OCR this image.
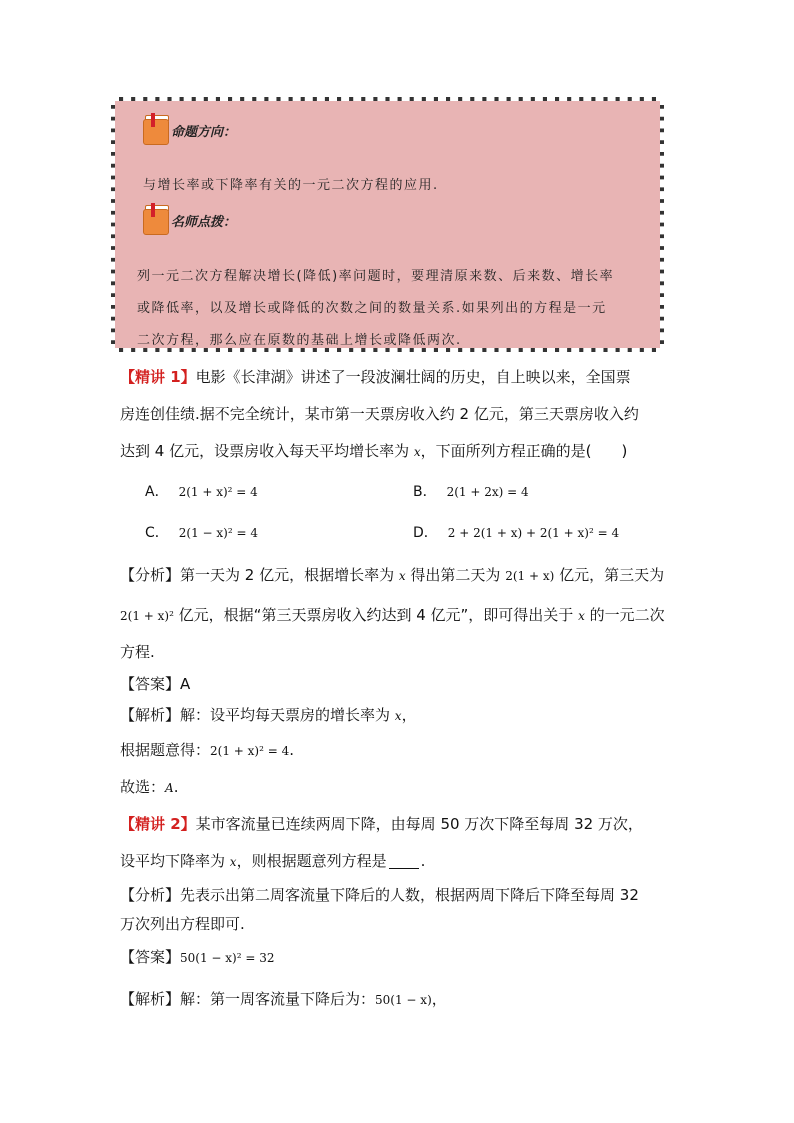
命题方向：
与增长率或下降率有关的一元二次方程的应用.
名师点拨：
列一元二次方程解决增长(降低)率问题时，要理清原来数、后来数、增长率
或降低率，以及增长或降低的次数之间的数量关系.如果列出的方程是一元
二次方程，那么应在原数的基础上增长或降低两次.
【精讲 1】电影《长津湖》讲述了一段波澜壮阔的历史，自上映以来，全国票
房连创佳绩.据不完全统计，某市第一天票房收入约 2 亿元，第三天票房收入约
达到 4 亿元，设票房收入每天平均增长率为 x，下面所列方程正确的是(　　)
A． 2(1 + x)² = 4	B． 2(1 + 2x) = 4
C． 2(1 − x)² = 4	D． 2 + 2(1 + x) + 2(1 + x)² = 4
【分析】第一天为 2 亿元，根据增长率为 x 得出第二天为 2(1 + x) 亿元，第三天为
2(1 + x)² 亿元，根据“第三天票房收入约达到 4 亿元”，即可得出关于 x 的一元二次
方程.
【答案】A
【解析】解：设平均每天票房的增长率为 x，
根据题意得：2(1 + x)² = 4.
故选：A.
【精讲 2】某市客流量已连续两周下降，由每周 50 万次下降至每周 32 万次，
设平均下降率为 x，则根据题意列方程是 .
【分析】先表示出第二周客流量下降后的人数，根据两周下降后下降至每周 32
万次列出方程即可.
【答案】50(1 − x)² = 32
【解析】解：第一周客流量下降后为：50(1 − x)，
